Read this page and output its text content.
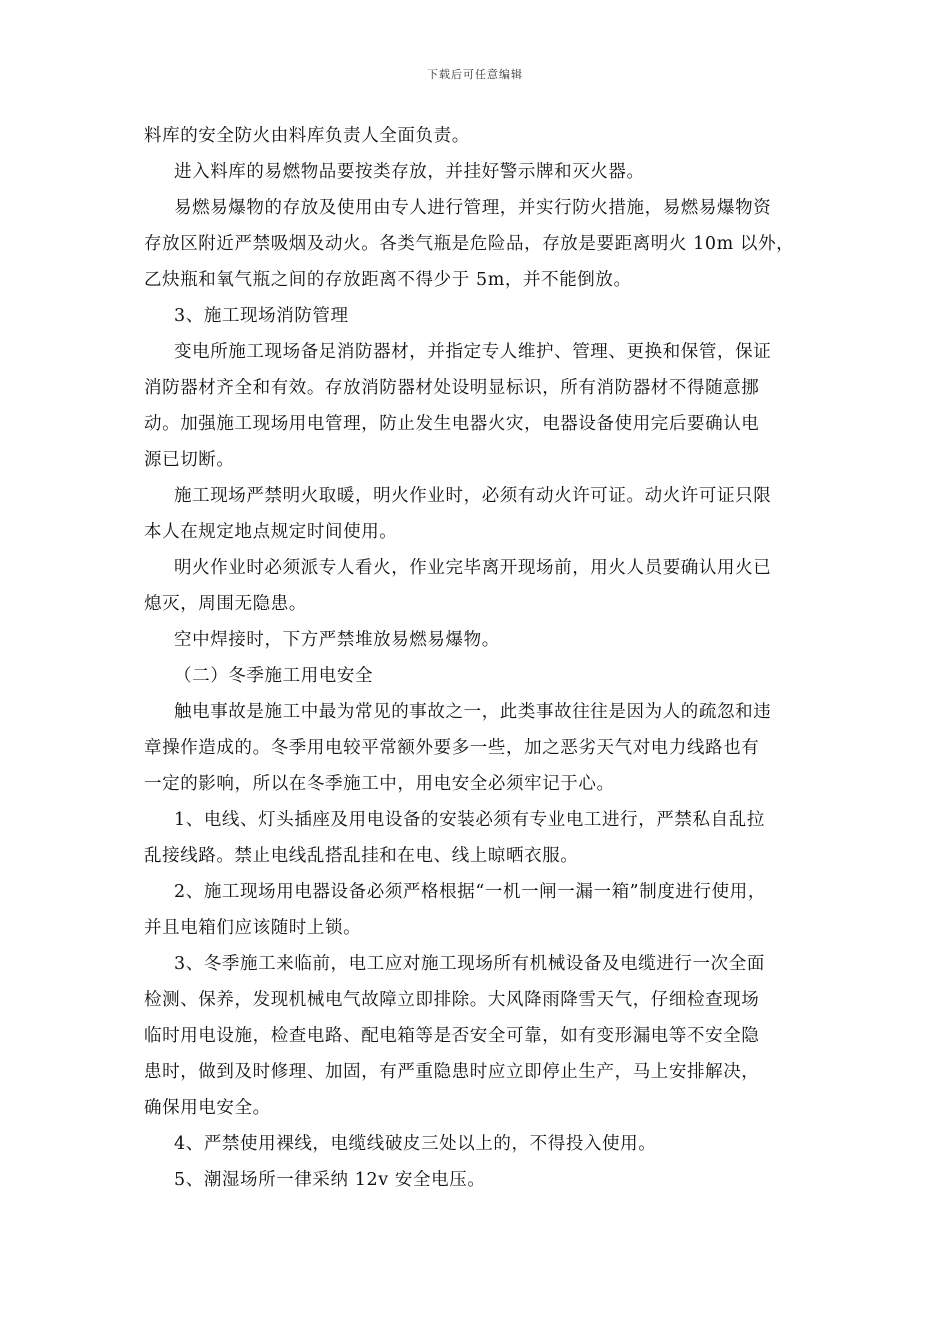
下载后可任意编辑
料库的安全防火由料库负责人全面负责。
进入料库的易燃物品要按类存放，并挂好警示牌和灭火器。
易燃易爆物的存放及使用由专人进行管理，并实行防火措施，易燃易爆物资
存放区附近严禁吸烟及动火。各类气瓶是危险品，存放是要距离明火 10m 以外，
乙炔瓶和氧气瓶之间的存放距离不得少于 5m，并不能倒放。
3、施工现场消防管理
变电所施工现场备足消防器材，并指定专人维护、管理、更换和保管，保证
消防器材齐全和有效。存放消防器材处设明显标识，所有消防器材不得随意挪
动。加强施工现场用电管理，防止发生电器火灾，电器设备使用完后要确认电
源已切断。
施工现场严禁明火取暖，明火作业时，必须有动火许可证。动火许可证只限
本人在规定地点规定时间使用。
明火作业时必须派专人看火，作业完毕离开现场前，用火人员要确认用火已
熄灭，周围无隐患。
空中焊接时，下方严禁堆放易燃易爆物。
（二）冬季施工用电安全
触电事故是施工中最为常见的事故之一，此类事故往往是因为人的疏忽和违
章操作造成的。冬季用电较平常额外要多一些，加之恶劣天气对电力线路也有
一定的影响，所以在冬季施工中，用电安全必须牢记于心。
1、电线、灯头插座及用电设备的安装必须有专业电工进行，严禁私自乱拉
乱接线路。禁止电线乱搭乱挂和在电、线上晾晒衣服。
2、施工现场用电器设备必须严格根据“一机一闸一漏一箱”制度进行使用，
并且电箱们应该随时上锁。
3、冬季施工来临前，电工应对施工现场所有机械设备及电缆进行一次全面
检测、保养，发现机械电气故障立即排除。大风降雨降雪天气，仔细检查现场
临时用电设施，检查电路、配电箱等是否安全可靠，如有变形漏电等不安全隐
患时，做到及时修理、加固，有严重隐患时应立即停止生产，马上安排解决，
确保用电安全。
4、严禁使用裸线，电缆线破皮三处以上的，不得投入使用。
5、潮湿场所一律采纳 12v 安全电压。
